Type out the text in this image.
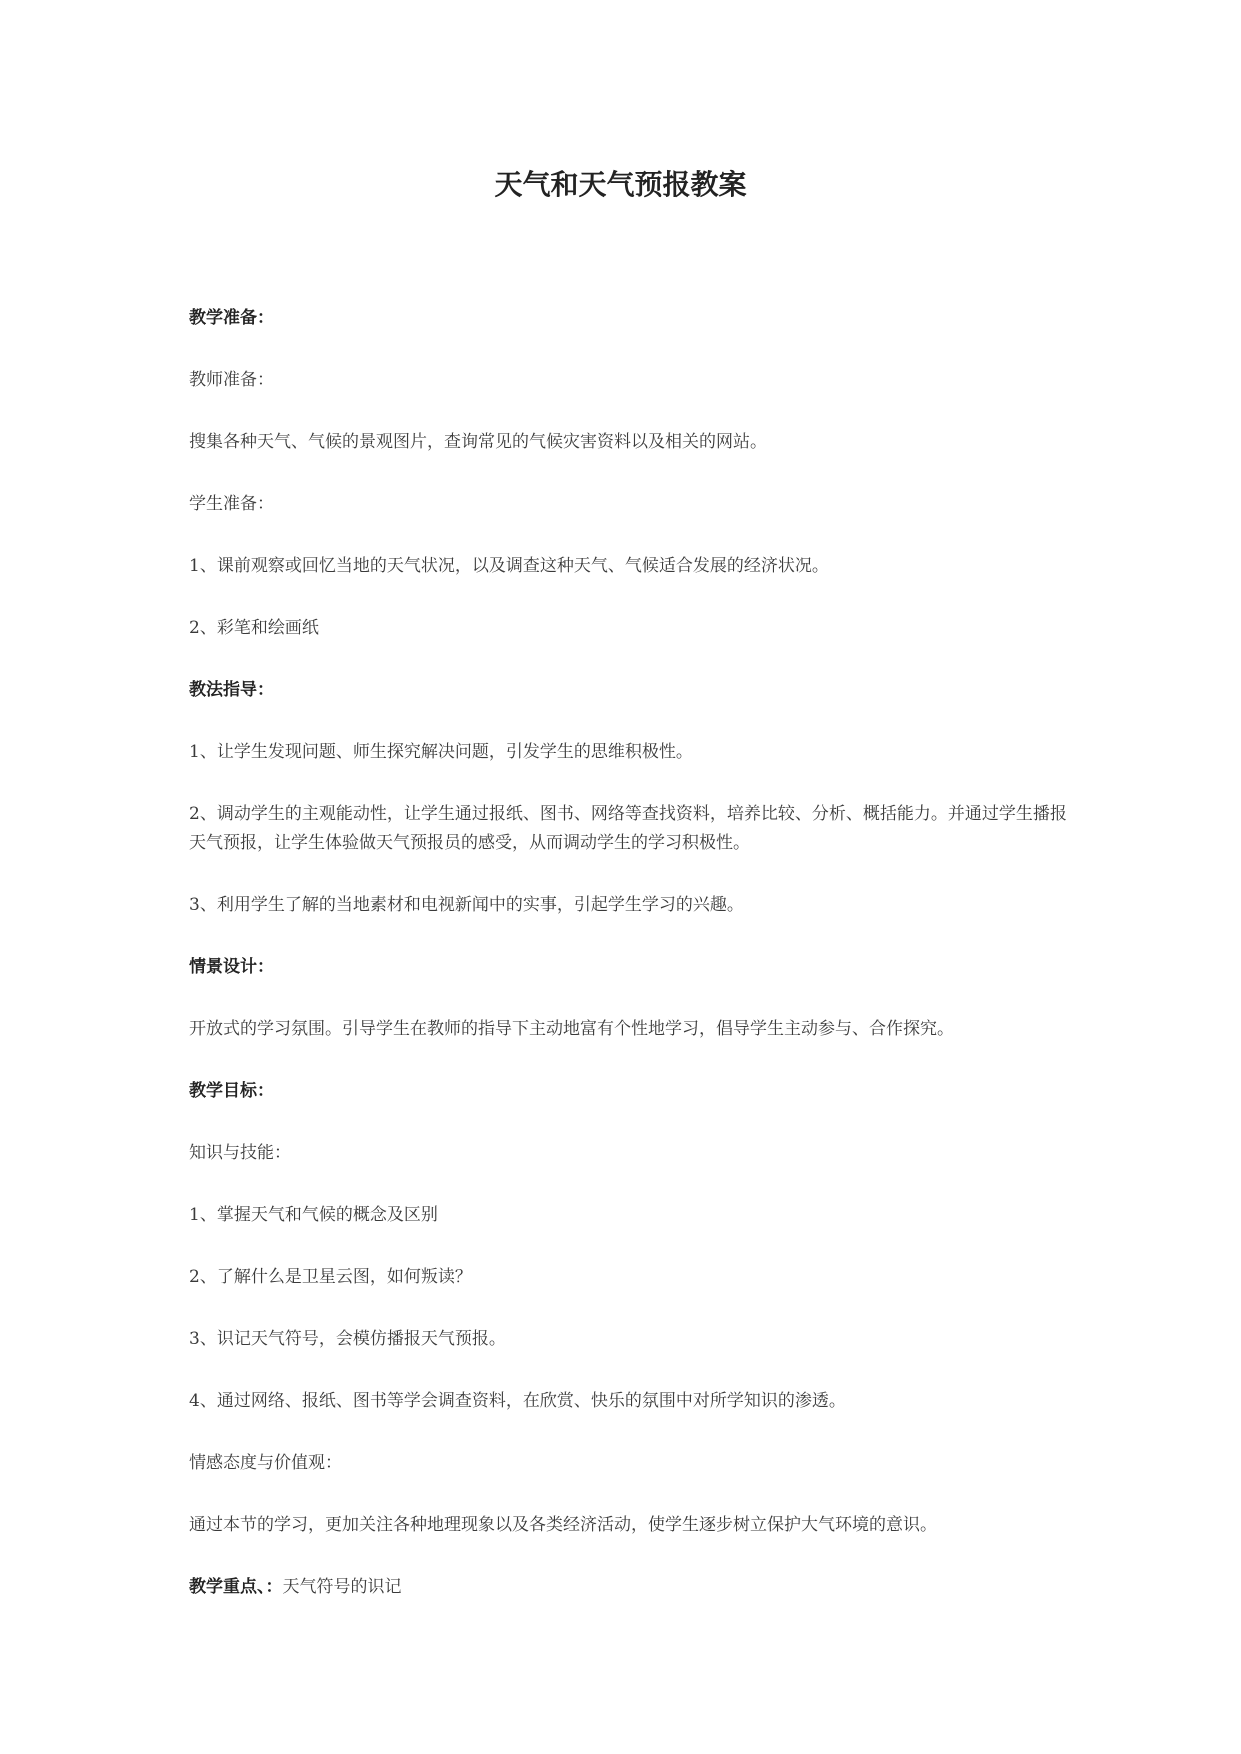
天气和天气预报教案

教学准备：

教师准备：

搜集各种天气、气候的景观图片，查询常见的气候灾害资料以及相关的网站。

学生准备：

1、课前观察或回忆当地的天气状况，以及调查这种天气、气候适合发展的经济状况。

2、彩笔和绘画纸

教法指导：

1、让学生发现问题、师生探究解决问题，引发学生的思维积极性。

2、调动学生的主观能动性，让学生通过报纸、图书、网络等查找资料，培养比较、分析、概括能力。并通过学生播报天气预报，让学生体验做天气预报员的感受，从而调动学生的学习积极性。

3、利用学生了解的当地素材和电视新闻中的实事，引起学生学习的兴趣。

情景设计：

开放式的学习氛围。引导学生在教师的指导下主动地富有个性地学习，倡导学生主动参与、合作探究。

教学目标：

知识与技能：

1、掌握天气和气候的概念及区别

2、了解什么是卫星云图，如何叛读？

3、识记天气符号，会模仿播报天气预报。

4、通过网络、报纸、图书等学会调查资料，在欣赏、快乐的氛围中对所学知识的渗透。

情感态度与价值观：

通过本节的学习，更加关注各种地理现象以及各类经济活动，使学生逐步树立保护大气环境的意识。

教学重点、：天气符号的识记
